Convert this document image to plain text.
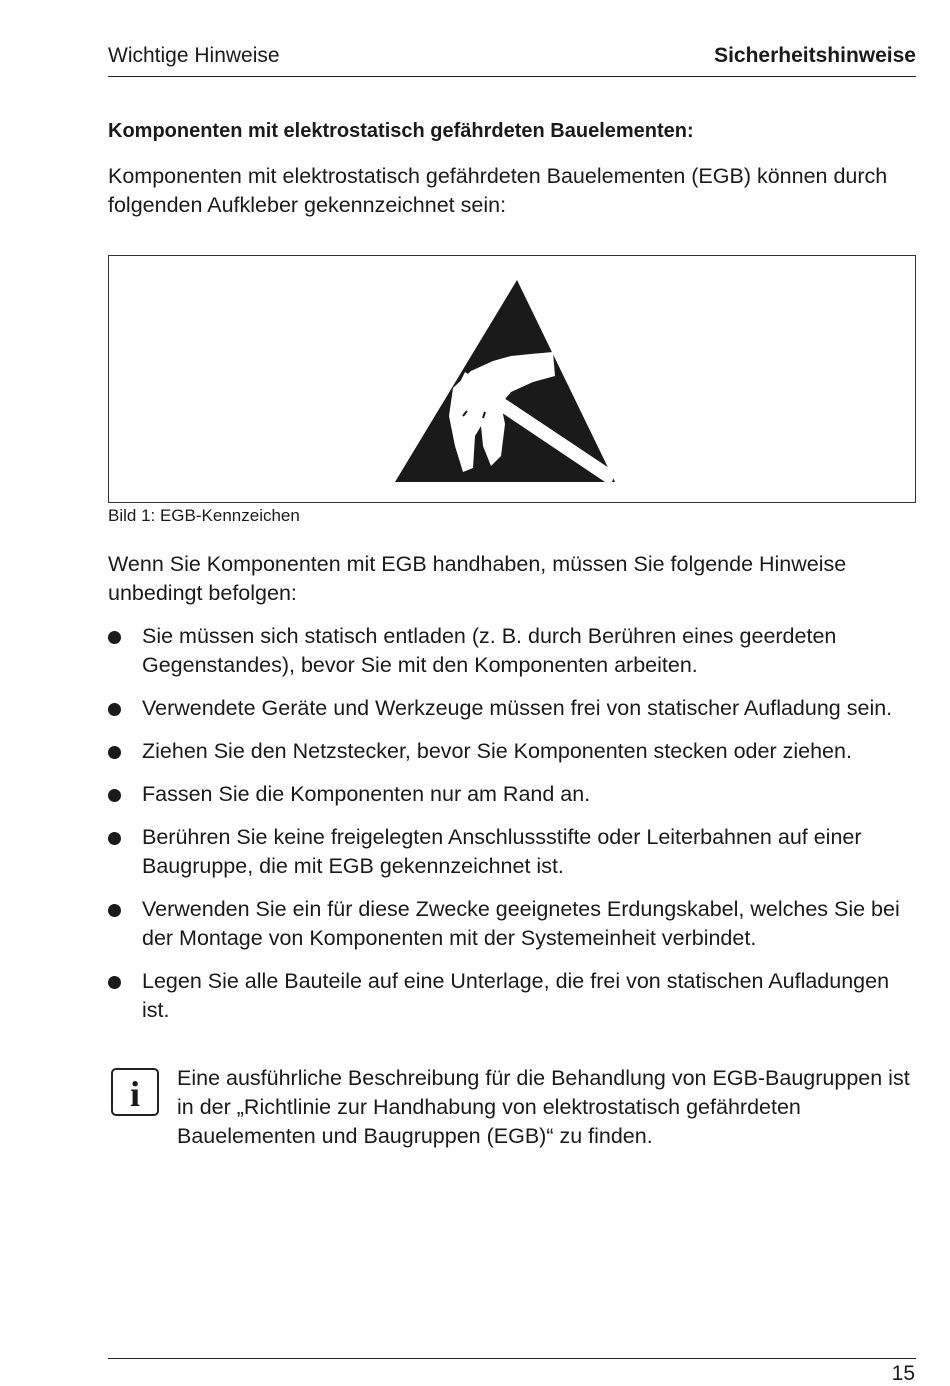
Wichtige Hinweise	Sicherheitshinweise
Komponenten mit elektrostatisch gefährdeten Bauelementen:

Komponenten mit elektrostatisch gefährdeten Bauelementen (EGB) können durch folgenden Aufkleber gekennzeichnet sein:

Bild 1: EGB-Kennzeichen

Wenn Sie Komponenten mit EGB handhaben, müssen Sie folgende Hinweise unbedingt befolgen:

Sie müssen sich statisch entladen (z. B. durch Berühren eines geerdeten Gegenstandes), bevor Sie mit den Komponenten arbeiten.
Verwendete Geräte und Werkzeuge müssen frei von statischer Aufladung sein.
Ziehen Sie den Netzstecker, bevor Sie Komponenten stecken oder ziehen.
Fassen Sie die Komponenten nur am Rand an.
Berühren Sie keine freigelegten Anschlussstifte oder Leiterbahnen auf einer Baugruppe, die mit EGB gekennzeichnet ist.
Verwenden Sie ein für diese Zwecke geeignetes Erdungskabel, welches Sie bei der Montage von Komponenten mit der Systemeinheit verbindet.
Legen Sie alle Bauteile auf eine Unterlage, die frei von statischen Aufladungen ist.
i	Eine ausführliche Beschreibung für die Behandlung von EGB-Baugruppen ist in der „Richtlinie zur Handhabung von elektrostatisch gefährdeten Bauelementen und Baugruppen (EGB)“ zu finden.

15
